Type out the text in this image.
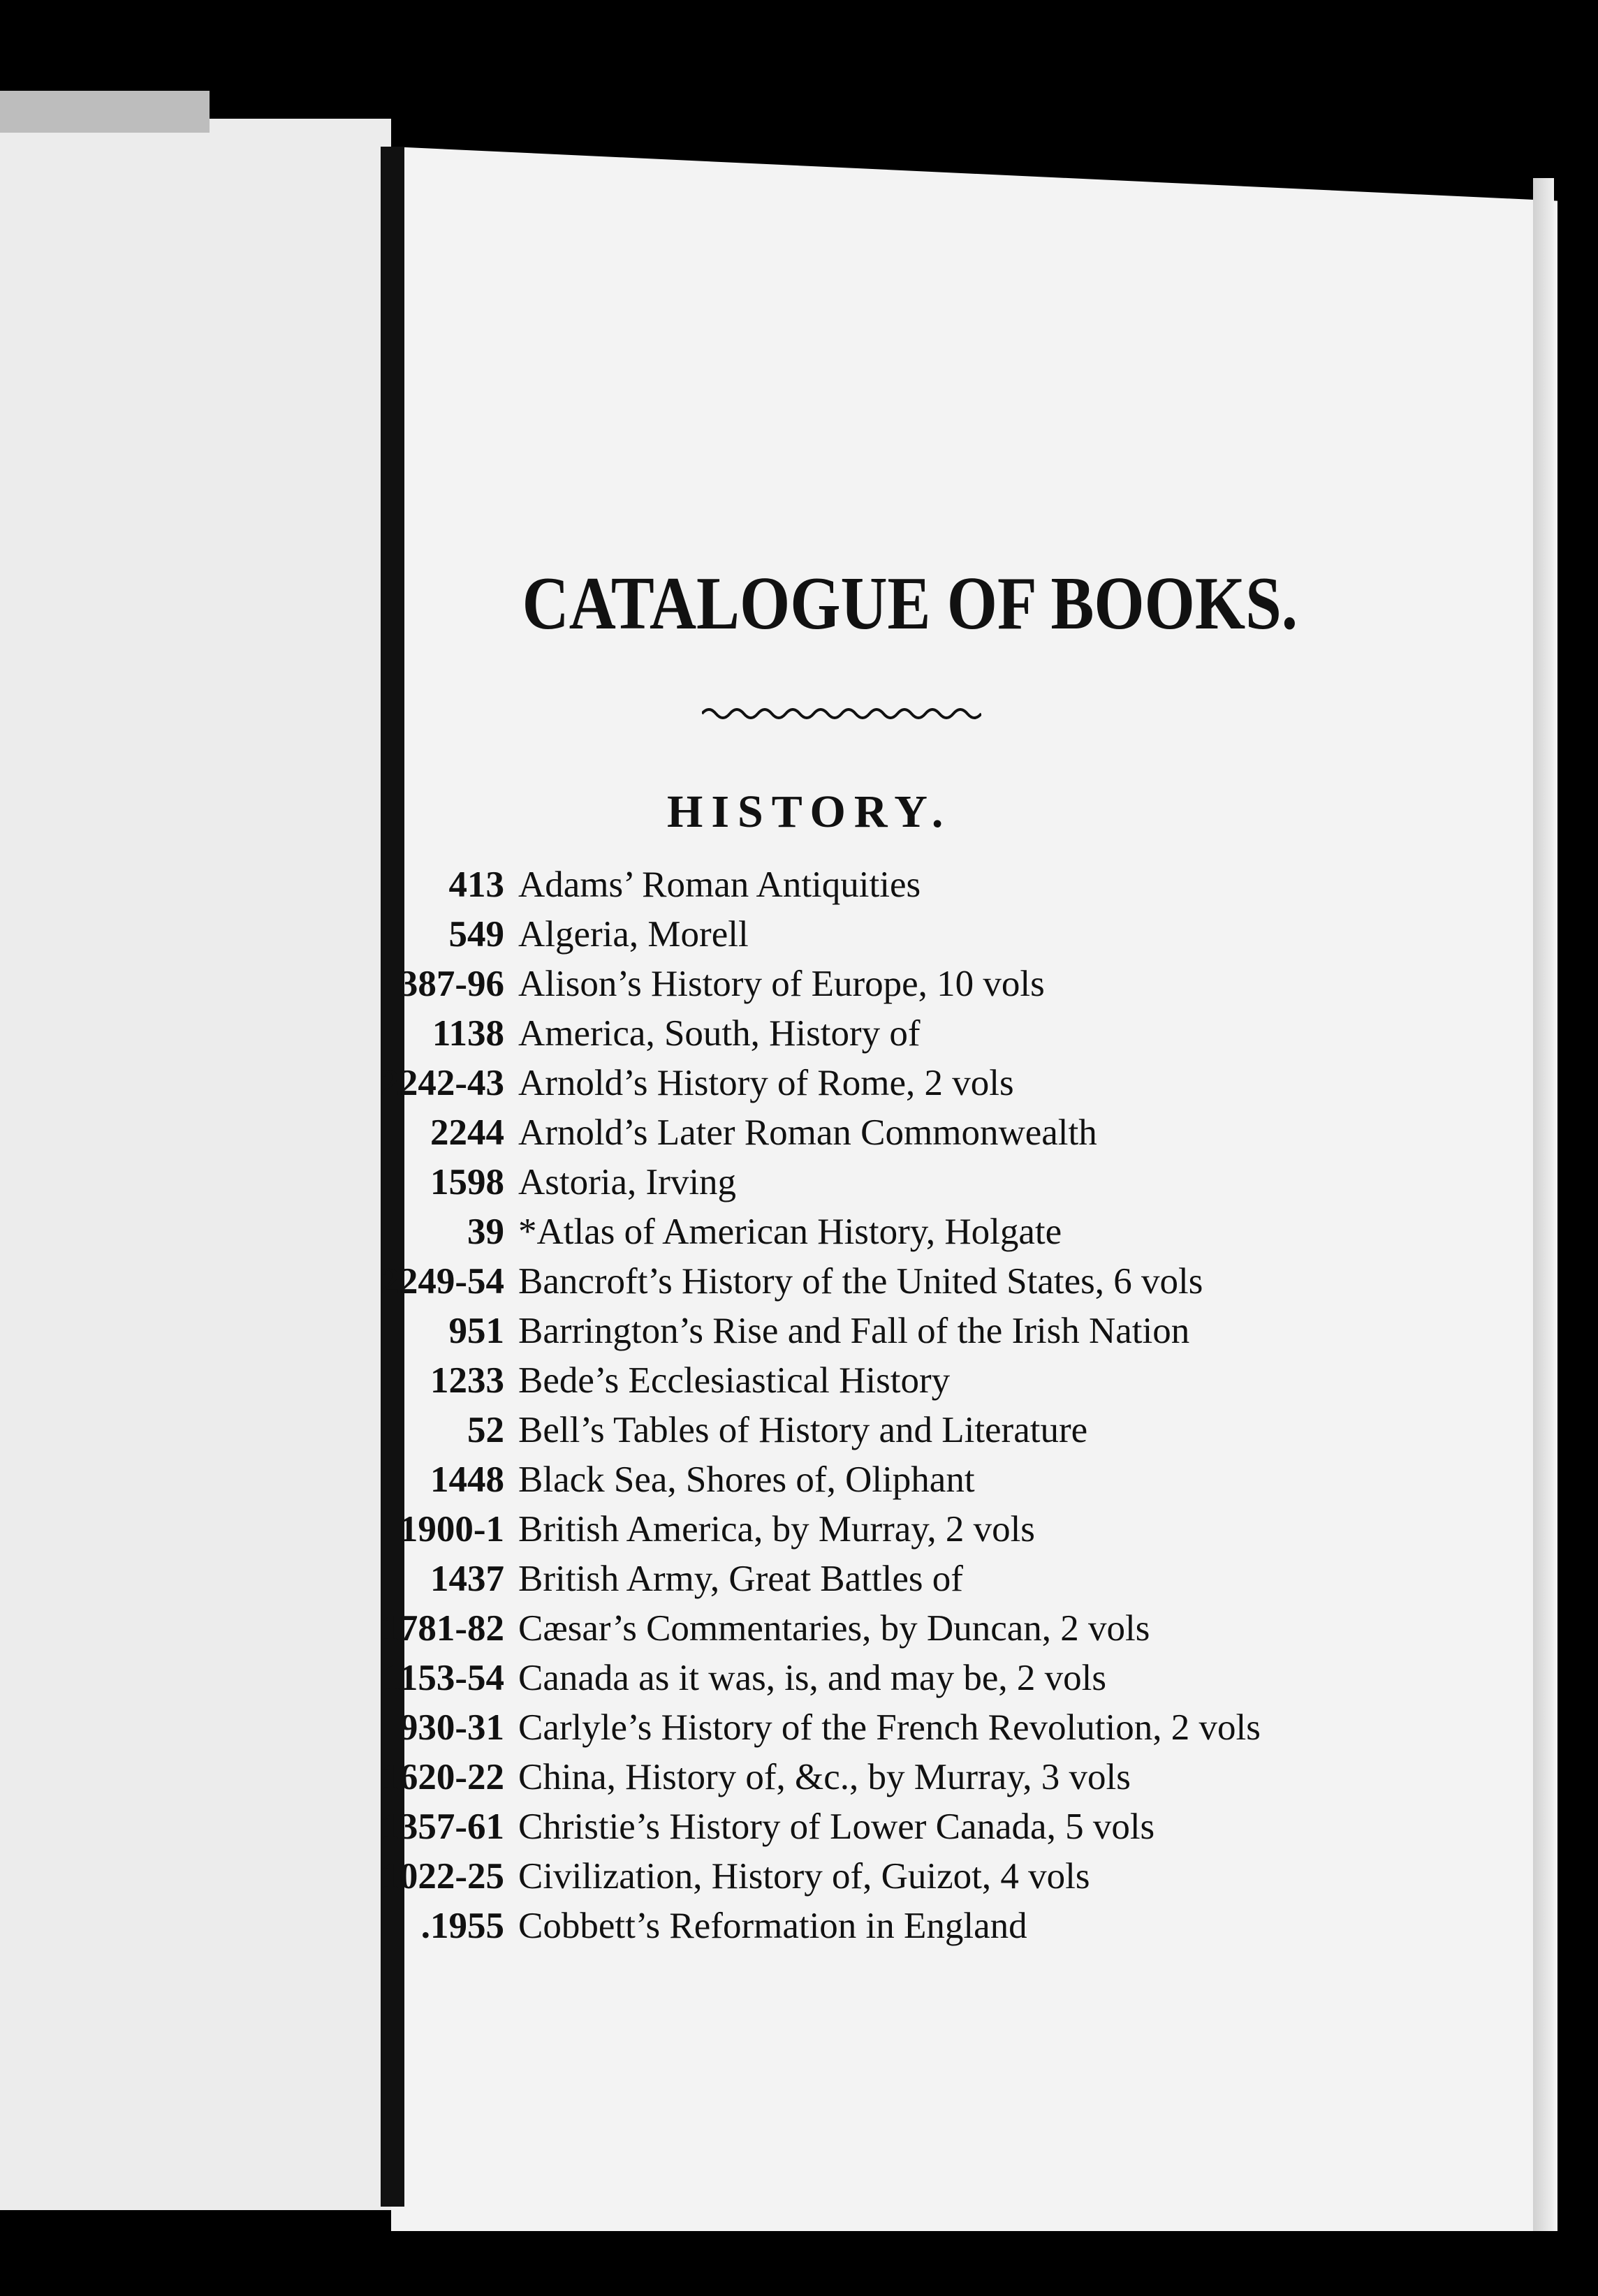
CATALOGUE OF BOOKS.
HISTORY.
413 Adams’ Roman Antiquities
549 Algeria, Morell
387-96 Alison’s History of Europe, 10 vols
1138 America, South, History of
2242-43 Arnold’s History of Rome, 2 vols
2244 Arnold’s Later Roman Commonwealth
1598 Astoria, Irving
39 *Atlas of American History, Holgate
2249-54 Bancroft’s History of the United States, 6 vols
951 Barrington’s Rise and Fall of the Irish Nation
1233 Bede’s Ecclesiastical History
52 Bell’s Tables of History and Literature
1448 Black Sea, Shores of, Oliphant
1900-1 British America, by Murray, 2 vols
1437 British Army, Great Battles of
1781-82 Cæsar’s Commentaries, by Duncan, 2 vols
1153-54 Canada as it was, is, and may be, 2 vols
930-31 Carlyle’s History of the French Revolution, 2 vols
1620-22 China, History of, &c., by Murray, 3 vols
1357-61 Christie’s History of Lower Canada, 5 vols
1022-25 Civilization, History of, Guizot, 4 vols
.1955 Cobbett’s Reformation in England
